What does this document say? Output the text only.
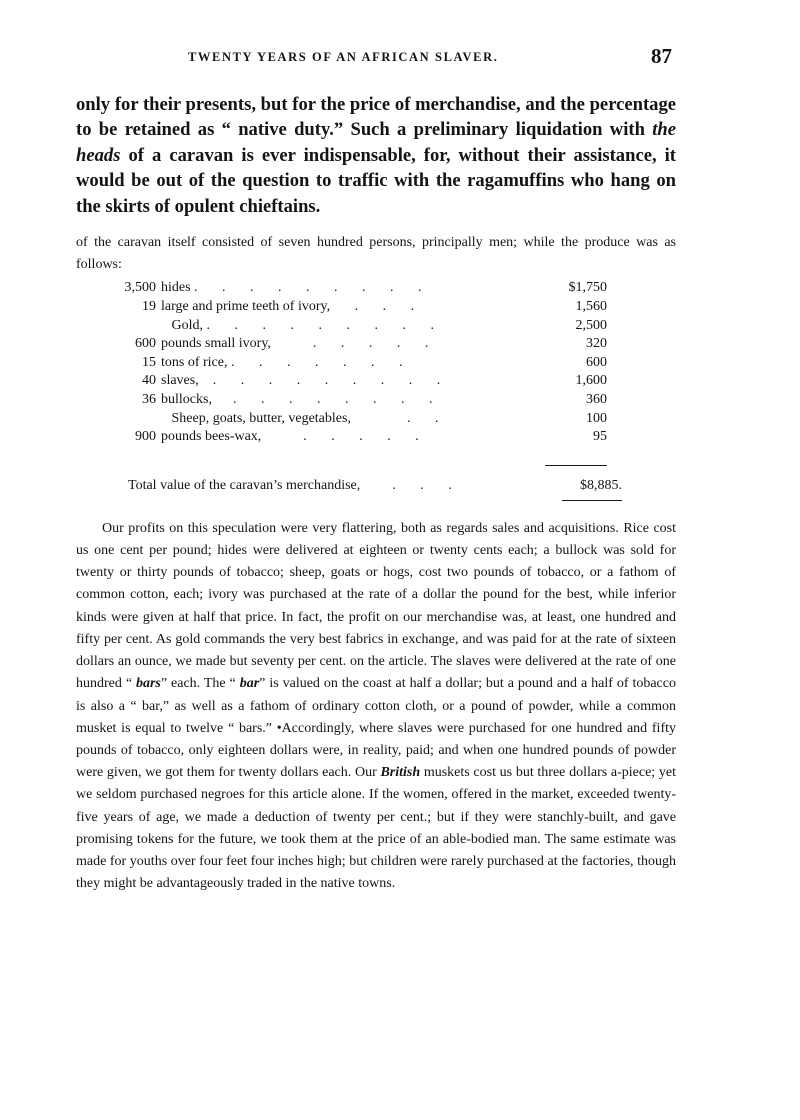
TWENTY YEARS OF AN AFRICAN SLAVER.	87

only for their presents, but for the price of merchandise, and the percentage to be retained as “ native duty.” Such a preliminary liquidation with the heads of a caravan is ever indispensable, for, without their assistance, it would be out of the question to traffic with the ragamuffins who hang on the skirts of opulent chieftains.

of the caravan itself consisted of seven hundred persons, principally men; while the produce was as follows:

3,500	hides .       .       .       .       .       .       .       .       .	$1,750
19	large and prime teeth of ivory,       .       .       .	1,560
	Gold, .       .       .       .       .       .       .       .       .	2,500
600	pounds small ivory,            .       .       .       .       .	320
15	tons of rice, .       .       .       .       .       .       .	600
40	slaves,    .       .       .       .       .       .       .       .       .	1,600
36	bullocks,      .       .       .       .       .       .       .       .	360
	Sheep, goats, butter, vegetables,                .       .	100
900	pounds bees-wax,            .       .       .       .       .	95

Total value of the caravan’s merchandise, .       .       .	$8,885.

Our profits on this speculation were very flattering, both as regards sales and acquisitions. Rice cost us one cent per pound; hides were delivered at eighteen or twenty cents each; a bullock was sold for twenty or thirty pounds of tobacco; sheep, goats or hogs, cost two pounds of tobacco, or a fathom of common cotton, each; ivory was purchased at the rate of a dollar the pound for the best, while inferior kinds were given at half that price. In fact, the profit on our merchandise was, at least, one hundred and fifty per cent. As gold commands the very best fabrics in exchange, and was paid for at the rate of sixteen dollars an ounce, we made but seventy per cent. on the article. The slaves were delivered at the rate of one hundred “ bars” each. The “ bar” is valued on the coast at half a dollar; but a pound and a half of tobacco is also a “ bar,” as well as a fathom of ordinary cotton cloth, or a pound of powder, while a common musket is equal to twelve “ bars.” •Accordingly, where slaves were purchased for one hundred and fifty pounds of tobacco, only eighteen dollars were, in reality, paid; and when one hundred pounds of powder were given, we got them for twenty dollars each. Our British muskets cost us but three dollars a-piece; yet we seldom purchased negroes for this article alone. If the women, offered in the market, exceeded twenty-five years of age, we made a deduction of twenty per cent.; but if they were stanchly-built, and gave promising tokens for the future, we took them at the price of an able-bodied man. The same estimate was made for youths over four feet four inches high; but children were rarely purchased at the factories, though they might be advantageously traded in the native towns.
